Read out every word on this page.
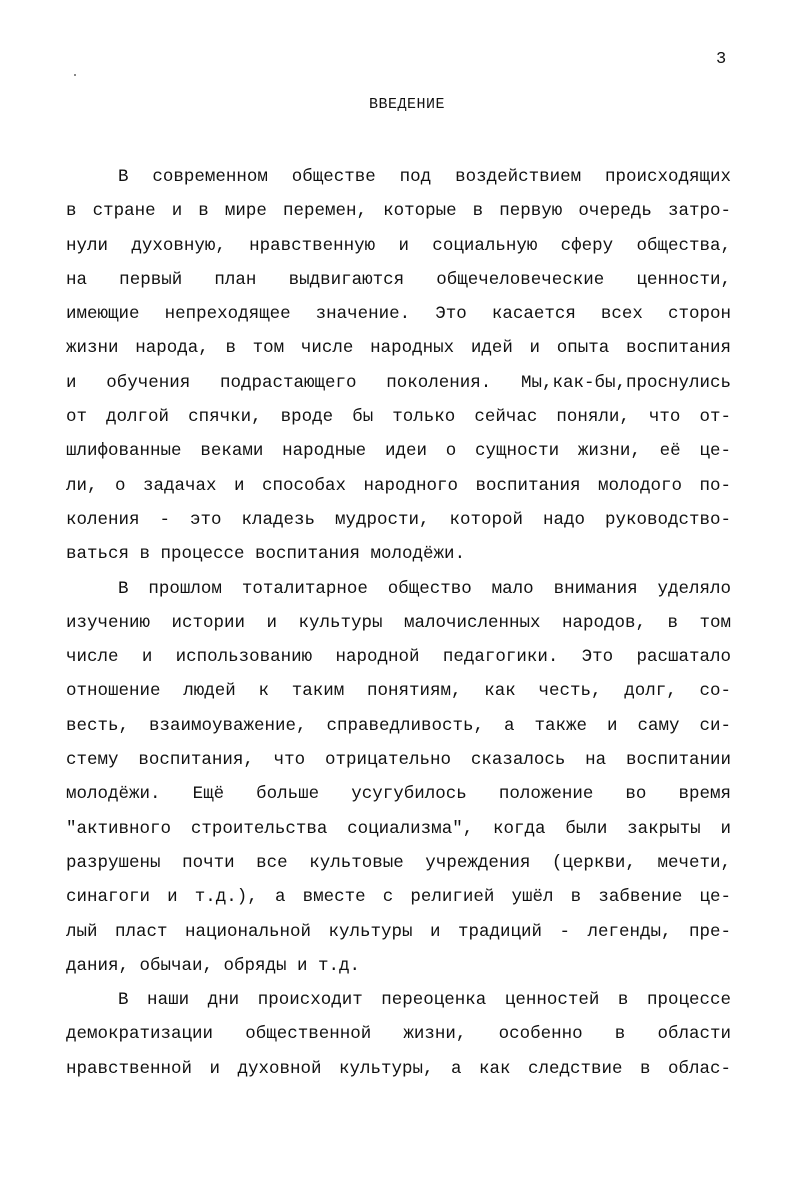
3
ВВЕДЕНИЕ
В современном обществе под воздействием происходящих
в стране и в мире перемен, которые в первую очередь затро-
нули духовную, нравственную и социальную сферу общества,
на первый план выдвигаются общечеловеческие ценности,
имеющие непреходящее значение. Это касается всех сторон
жизни народа, в том числе народных идей и опыта воспитания
и обучения подрастающего поколения. Мы,как-бы,проснулись
от долгой спячки, вроде бы только сейчас поняли, что от-
шлифованные веками народные идеи о сущности жизни, её це-
ли, о задачах и способах народного воспитания молодого по-
коления - это кладезь мудрости, которой надо руководство-
ваться в процессе воспитания молодёжи.
В прошлом тоталитарное общество мало внимания уделяло
изучению истории и культуры малочисленных народов, в том
числе и использованию народной педагогики. Это расшатало
отношение людей к таким понятиям, как честь, долг, со-
весть, взаимоуважение, справедливость, а также и саму си-
стему воспитания, что отрицательно сказалось на воспитании
молодёжи. Ещё больше усугубилось положение во время
"активного строительства социализма", когда были закрыты и
разрушены почти все культовые учреждения (церкви, мечети,
синагоги и т.д.), а вместе с религией ушёл в забвение це-
лый пласт национальной культуры и традиций - легенды, пре-
дания, обычаи, обряды и т.д.
В наши дни происходит переоценка ценностей в процессе
демократизации общественной жизни, особенно в области
нравственной и духовной культуры, а как следствие в облас-
